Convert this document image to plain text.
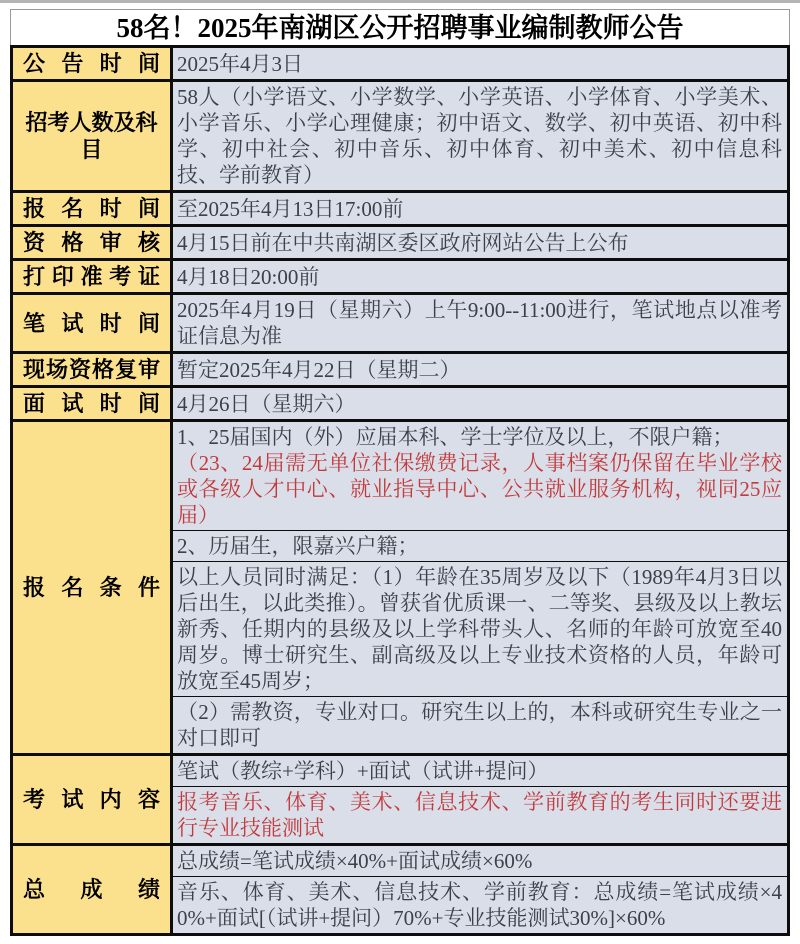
58名！2025年南湖区公开招聘事业编制教师公告
公告时间 2025年4月3日

招考人数及科目

58人（小学语文、小学数学、小学英语、小学体育、小学美术、小学音乐、小学心理健康；初中语文、数学、初中英语、初中科学、初中社会、初中音乐、初中体育、初中美术、初中信息科技、学前教育）

报名时间 至2025年4月13日17:00前

资格审核 4月15日前在中共南湖区委区政府网站公告上公布

打印准考证 4月18日20:00前

笔试时间

2025年4月19日（星期六）上午9:00--11:00进行，笔试地点以准考证信息为准

现场资格复审 暂定2025年4月22日（星期二）

面试时间 4月26日（星期六）

报名条件

1、25届国内（外）应届本科、学士学位及以上，不限户籍；

（23、24届需无单位社保缴费记录，人事档案仍保留在毕业学校或各级人才中心、就业指导中心、公共就业服务机构，视同25应届）

2、历届生，限嘉兴户籍；

以上人员同时满足：（1）年龄在35周岁及以下（1989年4月3日以后出生，以此类推）。曾获省优质课一、二等奖、县级及以上教坛新秀、任期内的县级及以上学科带头人、名师的年龄可放宽至40周岁。博士研究生、副高级及以上专业技术资格的人员，年龄可放宽至45周岁；

（2）需教资，专业对口。研究生以上的，本科或研究生专业之一对口即可

考试内容

笔试（教综+学科）+面试（试讲+提问）

报考音乐、体育、美术、信息技术、学前教育的考生同时还要进行专业技能测试

总成绩

总成绩=笔试成绩×40%+面试成绩×60%

音乐、体育、美术、信息技术、学前教育：总成绩=笔试成绩×40%+面试[（试讲+提问）70%+专业技能测试30%]×60%
